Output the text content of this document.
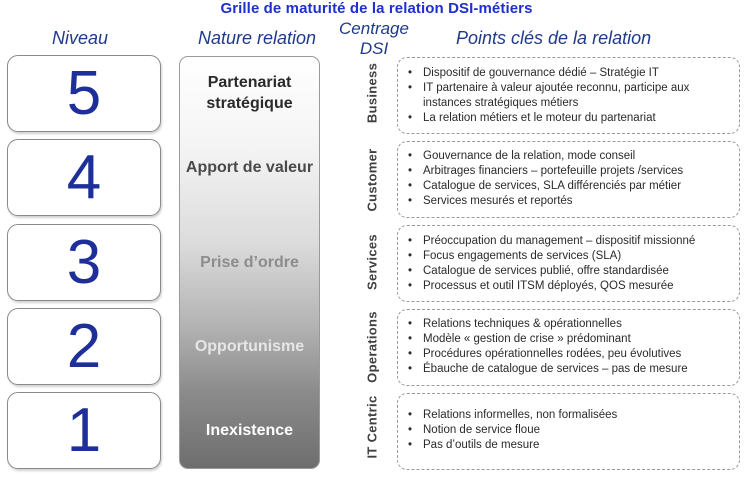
Grille de maturité de la relation DSI-métiers
Niveau	Nature relation Centrage DSI
Points clés de la relation
5
4
3
2
1
Partenariat stratégique
Apport de valeur
Prise d’ordre
Opportunisme
Inexistence
Business
Customer
Services
Operations
IT Centric
• Dispositif de gouvernance dédié – Stratégie IT
• IT partenaire à valeur ajoutée reconnu, participe aux instances stratégiques métiers
• La relation métiers et le moteur du partenariat
• Gouvernance de la relation, mode conseil
• Arbitrages financiers – portefeuille projets /services
• Catalogue de services, SLA différenciés par métier
• Services mesurés et reportés
• Préoccupation du management – dispositif missionné
• Focus engagements de services (SLA)
• Catalogue de services publié, offre standardisée
• Processus et outil ITSM déployés, QOS mesurée
• Relations techniques & opérationnelles
• Modèle « gestion de crise » prédominant
• Procédures opérationnelles rodées, peu évolutives
• Ébauche de catalogue de services – pas de mesure
• Relations informelles, non formalisées
• Notion de service floue
• Pas d’outils de mesure
